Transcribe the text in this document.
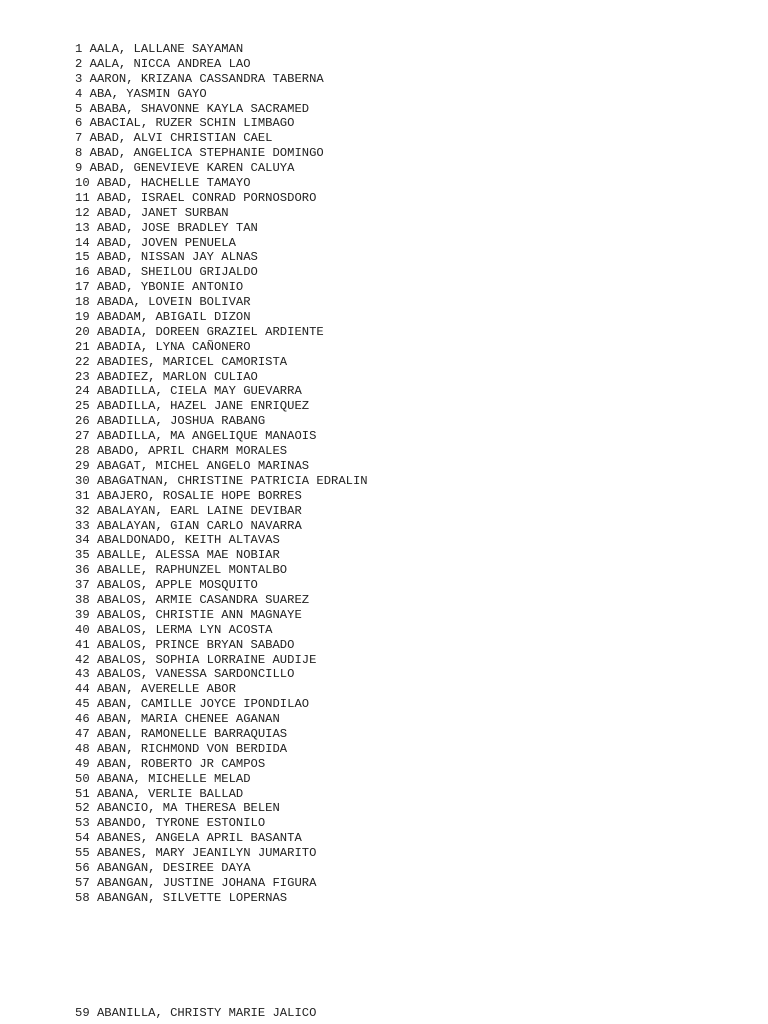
1 AALA, LALLANE SAYAMAN
2 AALA, NICCA ANDREA LAO
3 AARON, KRIZANA CASSANDRA TABERNA
4 ABA, YASMIN GAYO
5 ABABA, SHAVONNE KAYLA SACRAMED
6 ABACIAL, RUZER SCHIN LIMBAGO
7 ABAD, ALVI CHRISTIAN CAEL
8 ABAD, ANGELICA STEPHANIE DOMINGO
9 ABAD, GENEVIEVE KAREN CALUYA
10 ABAD, HACHELLE TAMAYO
11 ABAD, ISRAEL CONRAD PORNOSDORO
12 ABAD, JANET SURBAN
13 ABAD, JOSE BRADLEY TAN
14 ABAD, JOVEN PENUELA
15 ABAD, NISSAN JAY ALNAS
16 ABAD, SHEILOU GRIJALDO
17 ABAD, YBONIE ANTONIO
18 ABADA, LOVEIN BOLIVAR
19 ABADAM, ABIGAIL DIZON
20 ABADIA, DOREEN GRAZIEL ARDIENTE
21 ABADIA, LYNA CAÑONERO
22 ABADIES, MARICEL CAMORISTA
23 ABADIEZ, MARLON CULIAO
24 ABADILLA, CIELA MAY GUEVARRA
25 ABADILLA, HAZEL JANE ENRIQUEZ
26 ABADILLA, JOSHUA RABANG
27 ABADILLA, MA ANGELIQUE MANAOIS
28 ABADO, APRIL CHARM MORALES
29 ABAGAT, MICHEL ANGELO MARINAS
30 ABAGATNAN, CHRISTINE PATRICIA EDRALIN
31 ABAJERO, ROSALIE HOPE BORRES
32 ABALAYAN, EARL LAINE DEVIBAR
33 ABALAYAN, GIAN CARLO NAVARRA
34 ABALDONADO, KEITH ALTAVAS
35 ABALLE, ALESSA MAE NOBIAR
36 ABALLE, RAPHUNZEL MONTALBO
37 ABALOS, APPLE MOSQUITO
38 ABALOS, ARMIE CASANDRA SUAREZ
39 ABALOS, CHRISTIE ANN MAGNAYE
40 ABALOS, LERMA LYN ACOSTA
41 ABALOS, PRINCE BRYAN SABADO
42 ABALOS, SOPHIA LORRAINE AUDIJE
43 ABALOS, VANESSA SARDONCILLO
44 ABAN, AVERELLE ABOR
45 ABAN, CAMILLE JOYCE IPONDILAO
46 ABAN, MARIA CHENEE AGANAN
47 ABAN, RAMONELLE BARRAQUIAS
48 ABAN, RICHMOND VON BERDIDA
49 ABAN, ROBERTO JR CAMPOS
50 ABANA, MICHELLE MELAD
51 ABANA, VERLIE BALLAD
52 ABANCIO, MA THERESA BELEN
53 ABANDO, TYRONE ESTONILO
54 ABANES, ANGELA APRIL BASANTA
55 ABANES, MARY JEANILYN JUMARITO
56 ABANGAN, DESIREE DAYA
57 ABANGAN, JUSTINE JOHANA FIGURA
58 ABANGAN, SILVETTE LOPERNAS
59 ABANILLA, CHRISTY MARIE JALICO
